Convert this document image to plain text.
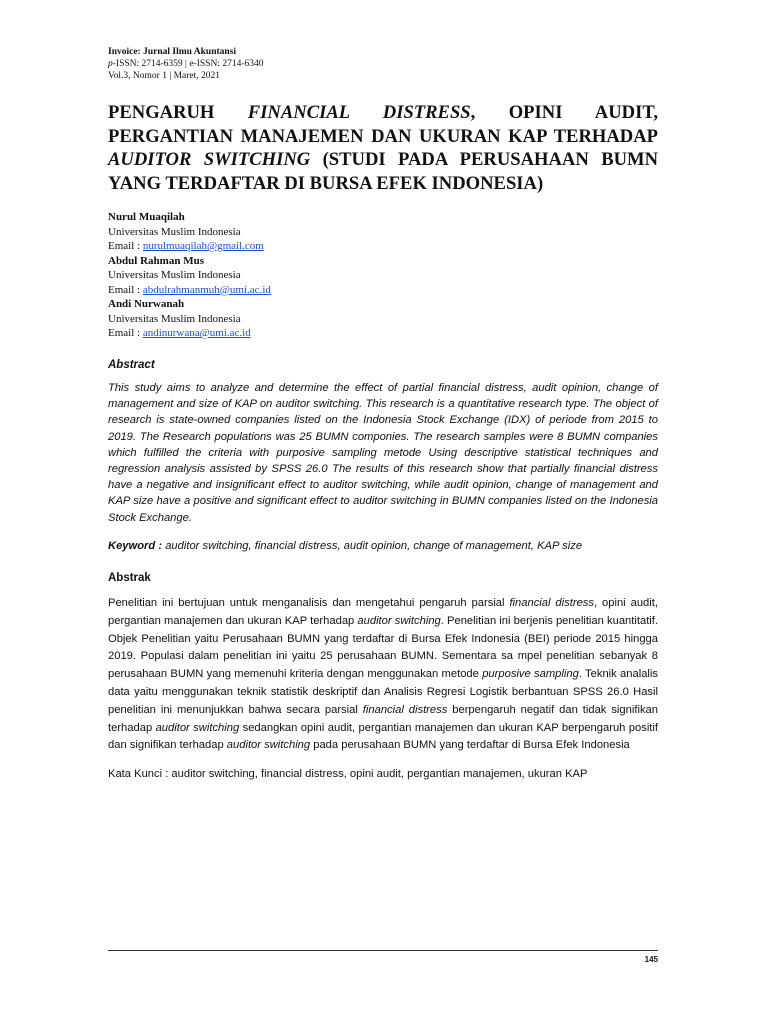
Invoice: Jurnal Ilmu Akuntansi
p-ISSN: 2714-6359 | e-ISSN: 2714-6340
Vol.3, Nomor 1 | Maret, 2021
PENGARUH FINANCIAL DISTRESS, OPINI AUDIT, PERGANTIAN MANAJEMEN DAN UKURAN KAP TERHADAP AUDITOR SWITCHING (STUDI PADA PERUSAHAAN BUMN YANG TERDAFTAR DI BURSA EFEK INDONESIA)
Nurul Muaqilah
Universitas Muslim Indonesia
Email : nurulmuaqilah@gmail.com
Abdul Rahman Mus
Universitas Muslim Indonesia
Email : abdulrahmanmuh@umi.ac.id
Andi Nurwanah
Universitas Muslim Indonesia
Email : andinurwana@umi.ac.id
Abstract
This study aims to analyze and determine the effect of partial financial distress, audit opinion, change of management and size of KAP on auditor switching. This research is a quantitative research type. The object of research is state-owned companies listed on the Indonesia Stock Exchange (IDX) of periode from 2015 to 2019. The Research populations was 25 BUMN componies. The research samples were 8 BUMN companies which fulfilled the criteria with purposive sampling metode Using descriptive statistical techniques and regression analysis assisted by SPSS 26.0 The results of this research show that partially financial distress have a negative and insignificant effect to auditor switching, while audit opinion, change of management and KAP size have a positive and significant effect to auditor switching in BUMN companies listed on the Indonesia Stock Exchange.
Keyword : auditor switching, financial distress, audit opinion, change of management, KAP size
Abstrak
Penelitian ini bertujuan untuk menganalisis dan mengetahui pengaruh parsial financial distress, opini audit, pergantian manajemen dan ukuran KAP terhadap auditor switching. Penelitian ini berjenis penelitian kuantitatif. Objek Penelitian yaitu Perusahaan BUMN yang terdaftar di Bursa Efek Indonesia (BEI) periode 2015 hingga 2019. Populasi dalam penelitian ini yaitu 25 perusahaan BUMN. Sementara sa mpel penelitian sebanyak 8 perusahaan BUMN yang memenuhi kriteria dengan menggunakan metode purposive sampling. Teknik analalis data yaitu menggunakan teknik statistik deskriptif dan Analisis Regresi Logistik berbantuan SPSS 26.0 Hasil penelitian ini menunjukkan bahwa secara parsial financial distress berpengaruh negatif dan tidak signifikan terhadap auditor switching sedangkan opini audit, pergantian manajemen dan ukuran KAP berpengaruh positif dan signifikan terhadap auditor switching pada perusahaan BUMN yang terdaftar di Bursa Efek Indonesia
Kata Kunci : auditor switching, financial distress, opini audit, pergantian manajemen, ukuran KAP
145
